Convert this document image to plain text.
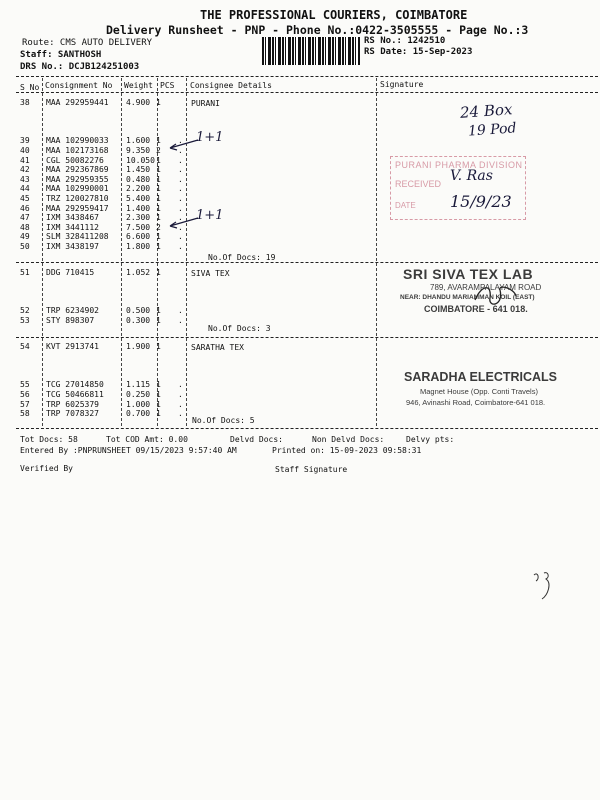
THE PROFESSIONAL COURIERS, COIMBATORE
Delivery Runsheet - PNP - Phone No.:0422-3505555 - Page No.:3
Route: CMS AUTO DELIVERY
Staff: SANTHOSH
DRS No.: DCJB124251003
RS No.: 1242510
RS Date: 15-Sep-2023
S No Consignment No Weight PCS Consignee Details	Signature
PURANI
38	MAA 292959441	4.900	1	

39	MAA 102990033	1.600	1	.
40	MAA 102173168	9.350	2	.
41	CGL 50082276	10.050	1	.
42	MAA 292367869	1.450	1	.
43	MAA 292959355	0.480	1	.
44	MAA 102990001	2.200	1	.
45	TRZ 120027810	5.400	1	.
46	MAA 292959417	1.400	1	.
47	IXM 3438467	2.300	1	.
48	IXM 3441112	7.500	2	.
49	SLM 328411208	6.600	1	.
50	IXM 3438197	1.800	1	.
No.Of Docs: 19
SIVA TEX
51	DDG 710415	1.052	1	

52	TRP 6234902	0.500	1	.
53	STY 898307	0.300	1	.
No.Of Docs: 3
SARATHA TEX
54	KVT 2913741	1.900	1	

55	TCG 27014850	1.115	1	.
56	TCG 50466811	0.250	1	.
57	TRP 6025379	1.000	1	.
58	TRP 7078327	0.700	1	.
No.Of Docs: 5
Tot Docs: 58	Tot COD Amt: 0.00	Delvd Docs:	Non Delvd Docs:	Delvy pts:
Entered By :PNPRUNSHEET 09/15/2023 9:57:40 AM	Printed on: 15-09-2023 09:58:31
Verified By	Staff Signature
24 Box
19 Pod
1+1
1+1
PURANI PHARMA DIVISION
RECEIVED
DATE
V. Ras
15/9/23
SRI SIVA TEX LAB
789, AVARAMPALAYAM ROAD
NEAR: DHANDU MARIAMMAN KOIL (EAST)
COIMBATORE - 641 018.
SARADHA ELECTRICALS
Magnet House (Opp. Conti Travels)
946, Avinashi Road, Coimbatore-641 018.
